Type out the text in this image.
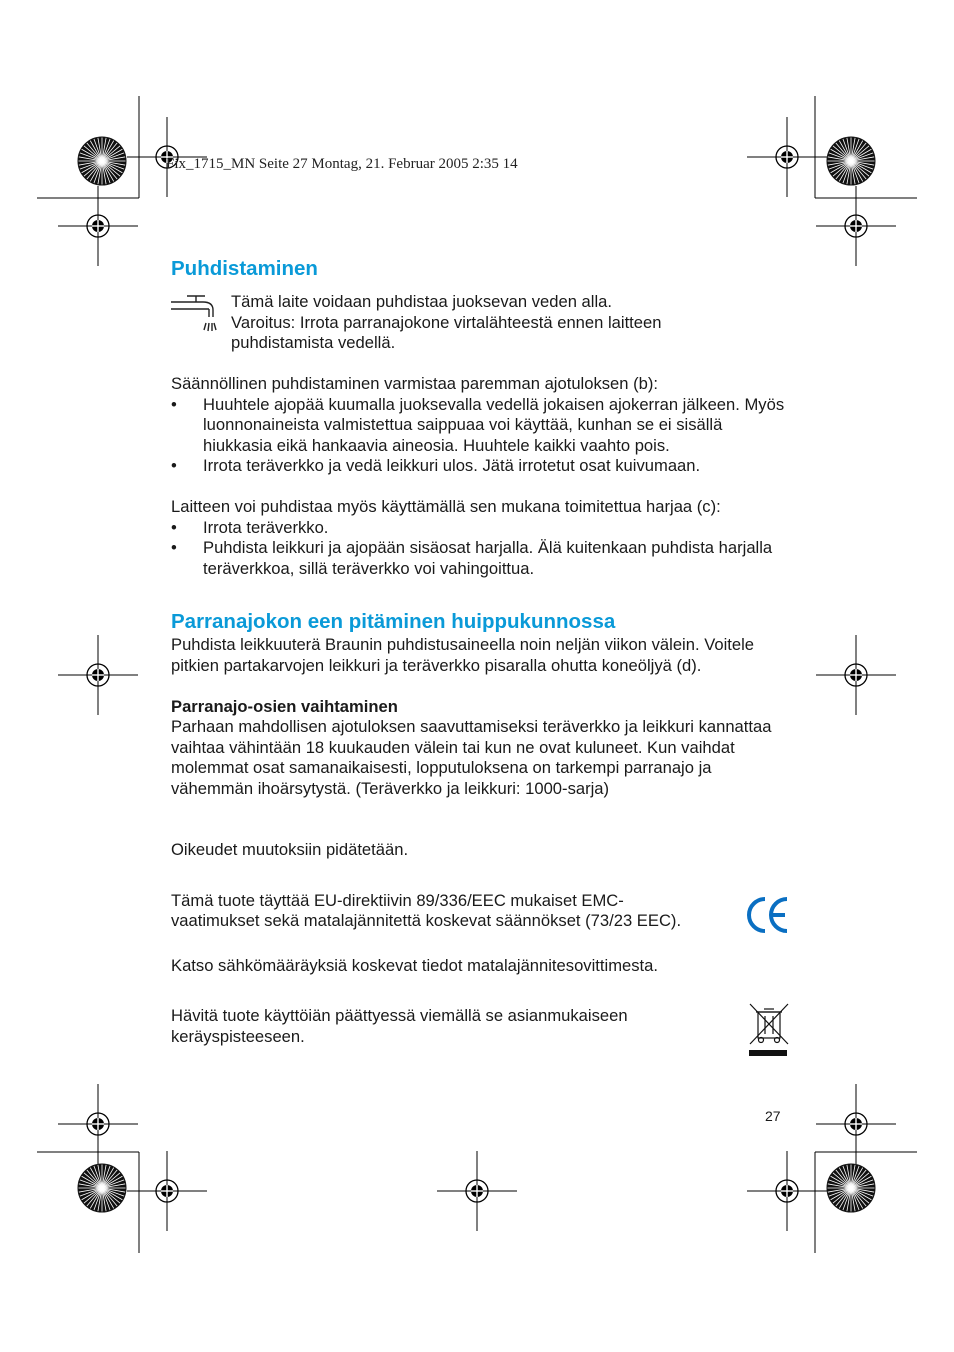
Fix_1715_MN Seite 27 Montag, 21. Februar 2005 2:35 14
Puhdistaminen

Tämä laite voidaan puhdistaa juoksevan veden alla.

Varoitus: Irrota parranajokone virtalähteestä ennen laitteen

puhdistamista vedellä.

Säännöllinen puhdistaminen varmistaa paremman ajotuloksen (b):

• Huuhtele ajopää kuumalla juoksevalla vedellä jokaisen ajokerran jälkeen. Myös luonnonaineista valmistettua saippuaa voi käyttää, kunhan se ei sisällä hiukkasia eikä hankaavia aineosia. Huuhtele kaikki vaahto pois.
• Irrota teräverkko ja vedä leikkuri ulos. Jätä irrotetut osat kuivumaan.

Laitteen voi puhdistaa myös käyttämällä sen mukana toimitettua harjaa (c):

• Irrota teräverkko.
• Puhdista leikkuri ja ajopään sisäosat harjalla. Älä kuitenkaan puhdista harjalla teräverkkoa, sillä teräverkko voi vahingoittua.
Parranajokon een pitäminen huippukunnossa

Puhdista leikkuuterä Braunin puhdistusaineella noin neljän viikon välein. Voitele pitkien partakarvojen leikkuri ja teräverkko pisaralla ohutta koneöljyä (d).

Parranajo-osien vaihtaminen

Parhaan mahdollisen ajotuloksen saavuttamiseksi teräverkko ja leikkuri kannattaa vaihtaa vähintään 18 kuukauden välein tai kun ne ovat kuluneet. Kun vaihdat molemmat osat samanaikaisesti, lopputuloksena on tarkempi parranajo ja vähemmän ihoärsytystä. (Teräverkko ja leikkuri: 1000-sarja)

Oikeudet muutoksiin pidätetään.

Tämä tuote täyttää EU-direktiivin 89/336/EEC mukaiset EMC-

vaatimukset sekä matalajännitettä koskevat säännökset (73/23 EEC).

Katso sähkömääräyksiä koskevat tiedot matalajännitesovittimesta.

Hävitä tuote käyttöiän päättyessä viemällä se asianmukaiseen keräyspisteeseen.

27
